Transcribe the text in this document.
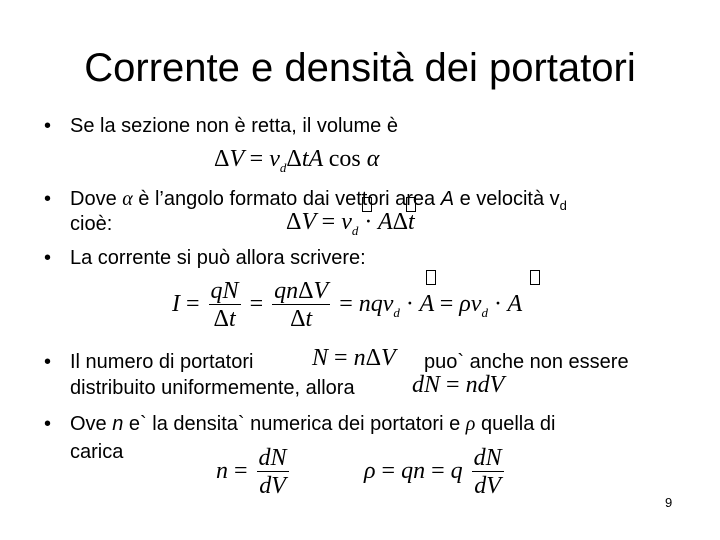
Corrente e densità dei portatori
• Se la sezione non è retta, il volume è
$\Delta V = v_d\Delta tA$ cos α
• Dove α è l’angolo formato dai vettori area A e velocità $v_d$
cioè:	$\Delta V = v_d \cdot A\Delta t$
• La corrente si può allora scrivere:
$I = \frac{qN}{\Delta t} = \frac{\text{qnΔV}}{\Delta t} = nqv_d \cdot A = \rho v_d \cdot A$
• Il numero di portatori N = nΔV puo` anche non essere
distribuito uniformemente, allora dN = ndV
• Ove n e` la densita` numerica dei portatori e ρ quella di
carica
$n = \frac{dN}{dV}$	ρ = qn = q $\frac{dN}{dV}$
9
